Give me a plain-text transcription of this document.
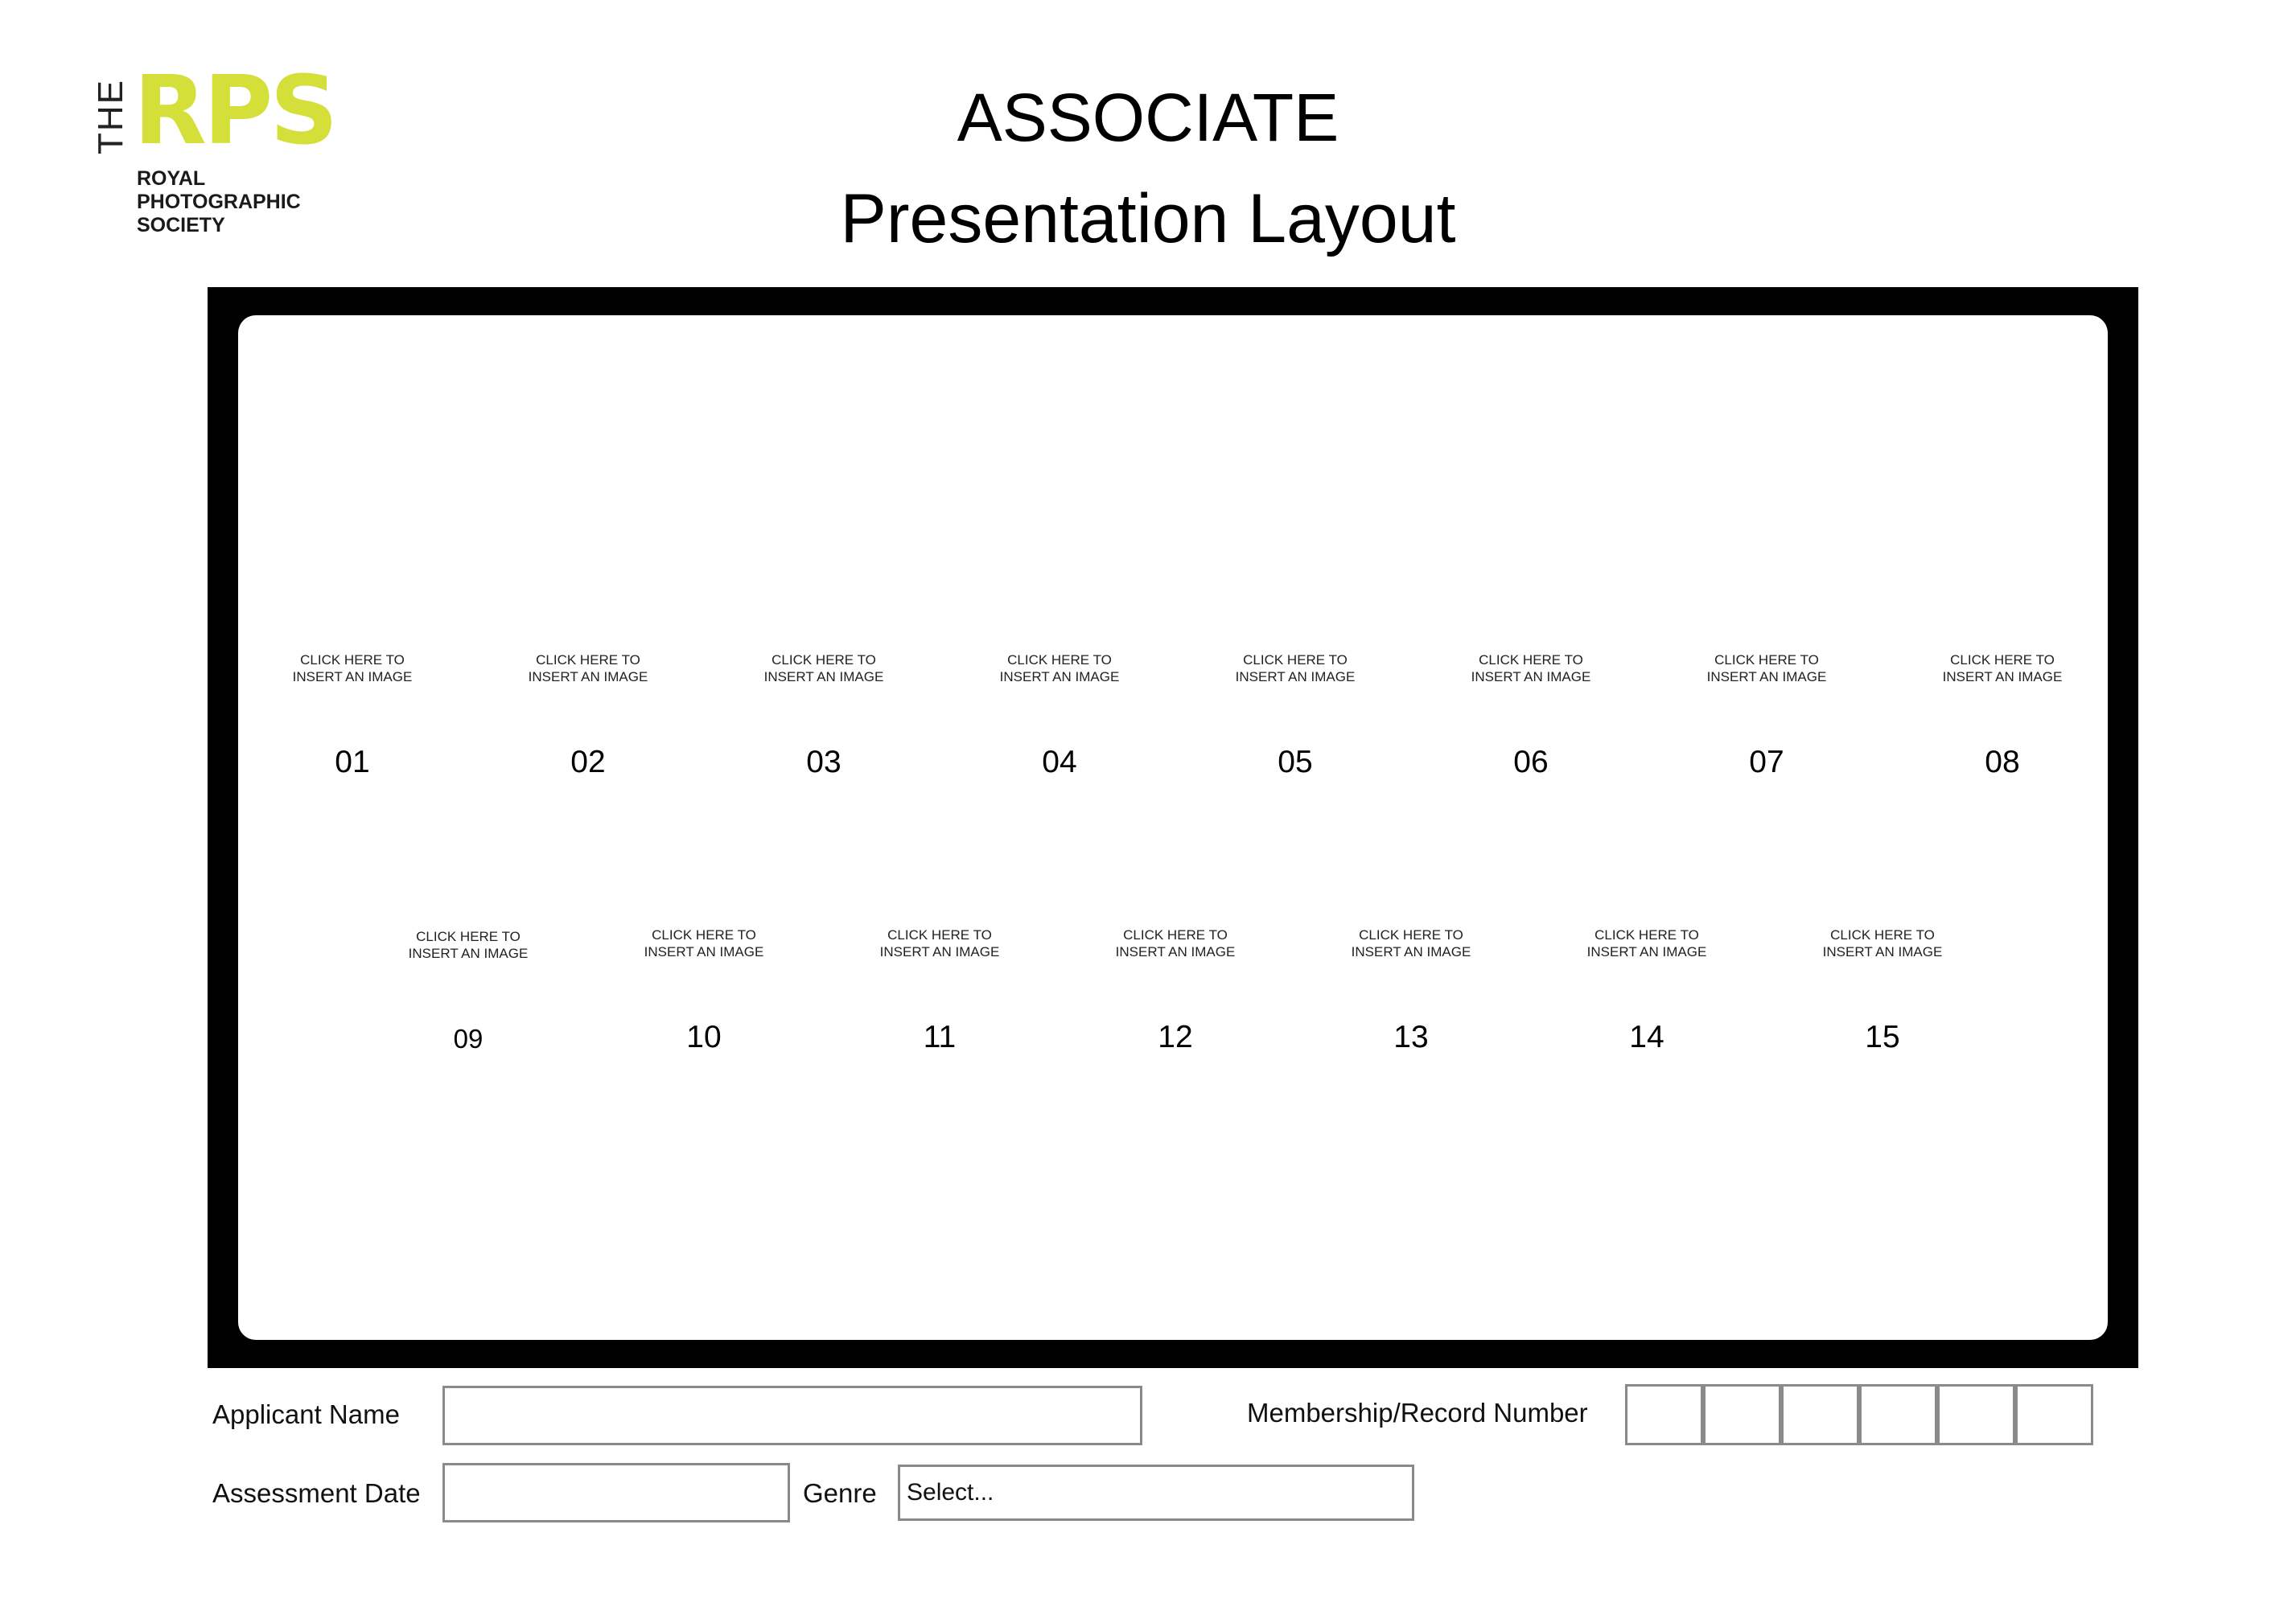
THE RPS
ROYAL
PHOTOGRAPHIC
SOCIETY
ASSOCIATE
Presentation Layout
CLICK HERE TO
INSERT AN IMAGE
01
CLICK HERE TO
INSERT AN IMAGE
02
CLICK HERE TO
INSERT AN IMAGE
03
CLICK HERE TO
INSERT AN IMAGE
04
CLICK HERE TO
INSERT AN IMAGE
05
CLICK HERE TO
INSERT AN IMAGE
06
CLICK HERE TO
INSERT AN IMAGE
07
CLICK HERE TO
INSERT AN IMAGE
08
CLICK HERE TO
INSERT AN IMAGE
09
CLICK HERE TO
INSERT AN IMAGE
10
CLICK HERE TO
INSERT AN IMAGE
11
CLICK HERE TO
INSERT AN IMAGE
12
CLICK HERE TO
INSERT AN IMAGE
13
CLICK HERE TO
INSERT AN IMAGE
14
CLICK HERE TO
INSERT AN IMAGE
15
Applicant Name	Membership/Record Number
Assessment Date	Genre	Select...
